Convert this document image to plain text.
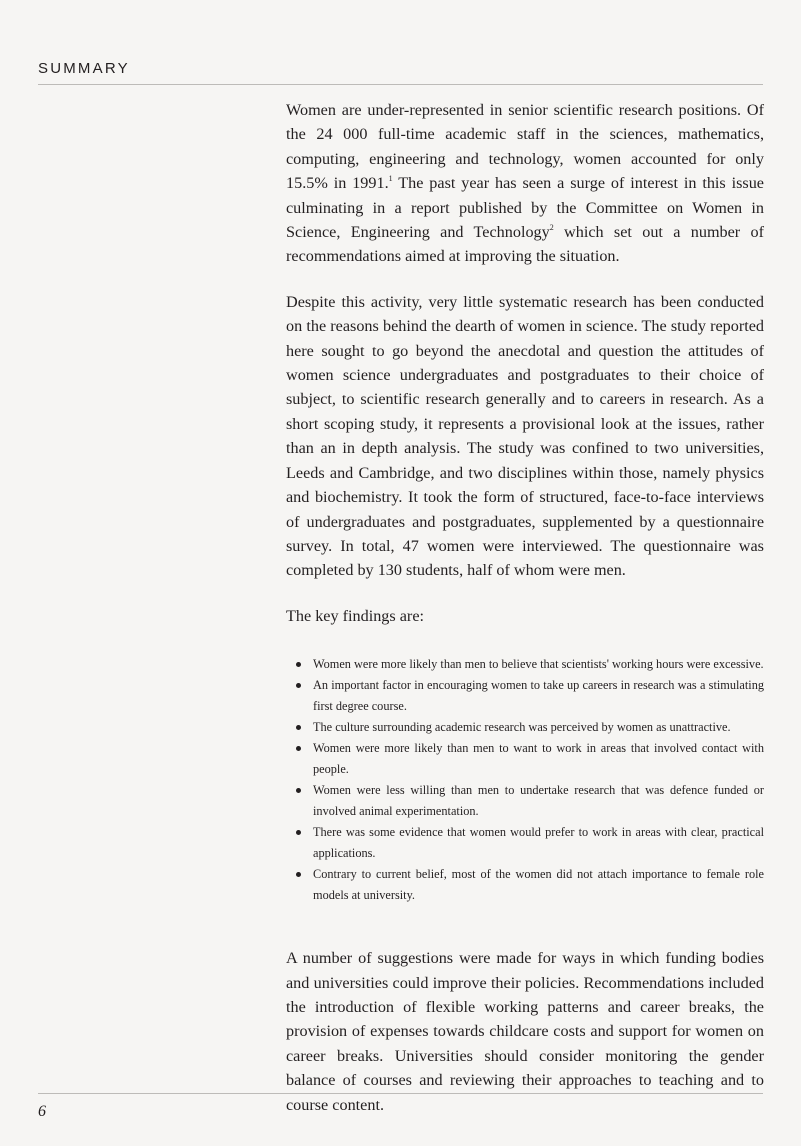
SUMMARY

Women are under-represented in senior scientific research positions. Of the 24 000 full-time academic staff in the sciences, mathematics, computing, engineering and technology, women accounted for only 15.5% in 1991.$^1$ The past year has seen a surge of interest in this issue culminating in a report published by the Committee on Women in Science, Engineering and Technology$^2$ which set out a number of recommendations aimed at improving the situation.

Despite this activity, very little systematic research has been conducted on the reasons behind the dearth of women in science. The study reported here sought to go beyond the anecdotal and question the attitudes of women science undergraduates and postgraduates to their choice of subject, to scientific research generally and to careers in research. As a short scoping study, it represents a provisional look at the issues, rather than an in depth analysis. The study was confined to two universities, Leeds and Cambridge, and two disciplines within those, namely physics and biochemistry. It took the form of structured, face-to-face interviews of undergraduates and postgraduates, supplemented by a questionnaire survey. In total, 47 women were interviewed. The questionnaire was completed by 130 students, half of whom were men.

The key findings are:

Women were more likely than men to believe that scientists' working hours were excessive.
An important factor in encouraging women to take up careers in research was a stimulating first degree course.
The culture surrounding academic research was perceived by women as unattractive.
Women were more likely than men to want to work in areas that involved contact with people.
Women were less willing than men to undertake research that was defence funded or involved animal experimentation.
There was some evidence that women would prefer to work in areas with clear, practical applications.
Contrary to current belief, most of the women did not attach importance to female role models at university.

A number of suggestions were made for ways in which funding bodies and universities could improve their policies. Recommendations included the introduction of flexible working patterns and career breaks, the provision of expenses towards childcare costs and support for women on career breaks. Universities should consider monitoring the gender balance of courses and reviewing their approaches to teaching and to course content.

6
